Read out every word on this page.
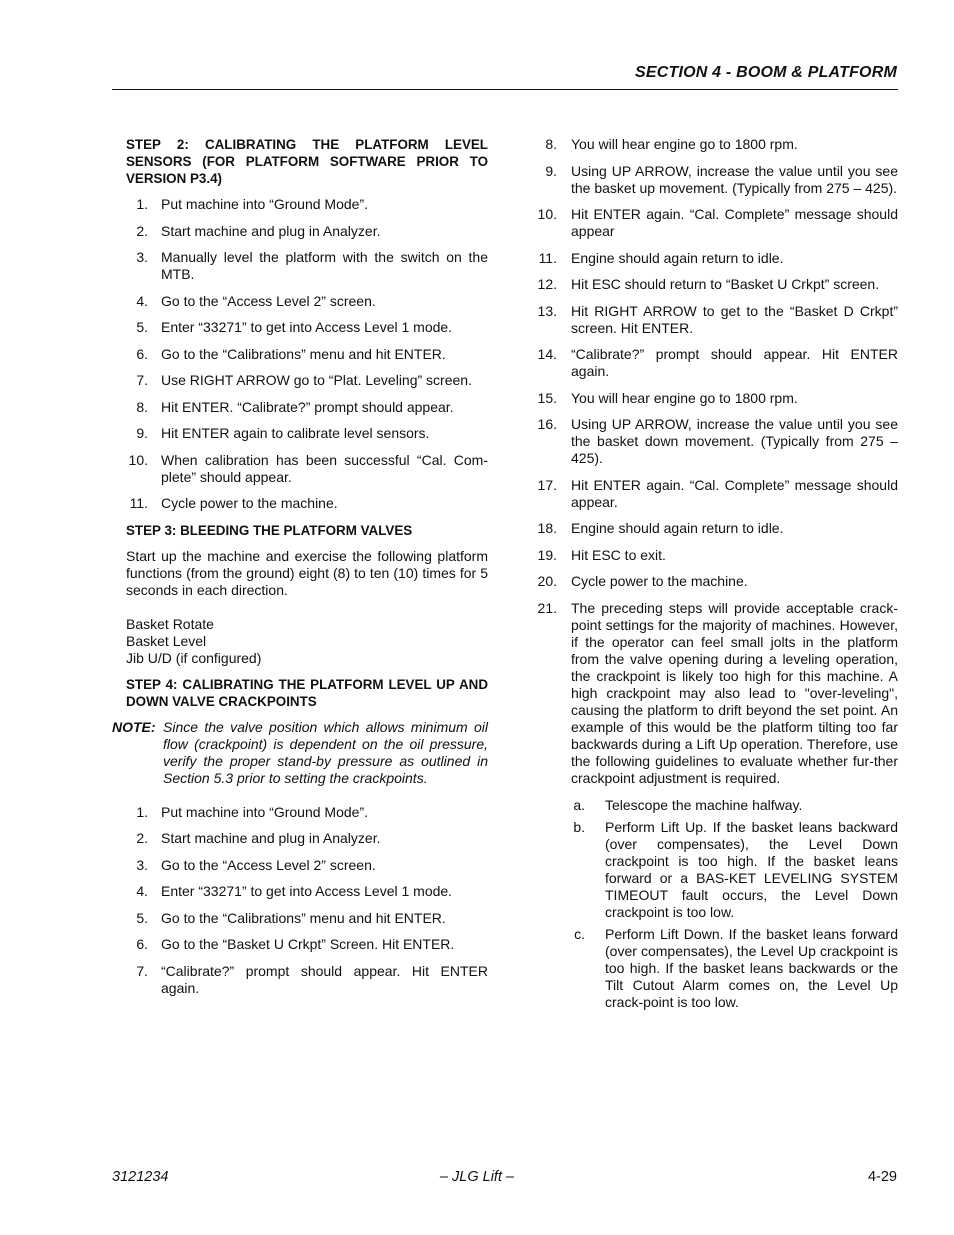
SECTION 4 - BOOM & PLATFORM
STEP 2: CALIBRATING THE PLATFORM LEVEL SENSORS (FOR PLATFORM SOFTWARE PRIOR TO VERSION P3.4)
1. Put machine into “Ground Mode”.
2. Start machine and plug in Analyzer.
3. Manually level the platform with the switch on the MTB.
4. Go to the “Access Level 2” screen.
5. Enter “33271” to get into Access Level 1 mode.
6. Go to the “Calibrations” menu and hit ENTER.
7. Use RIGHT ARROW go to “Plat. Leveling” screen.
8. Hit ENTER. “Calibrate?” prompt should appear.
9. Hit ENTER again to calibrate level sensors.
10. When calibration has been successful “Cal. Com-plete” should appear.
11. Cycle power to the machine.
STEP 3: BLEEDING THE PLATFORM VALVES

Start up the machine and exercise the following platform functions (from the ground) eight (8) to ten (10) times for 5 seconds in each direction.

Basket Rotate
Basket Level
Jib U/D (if configured)
STEP 4: CALIBRATING THE PLATFORM LEVEL UP AND DOWN VALVE CRACKPOINTS
NOTE: Since the valve position which allows minimum oil flow (crackpoint) is dependent on the oil pressure, verify the proper stand-by pressure as outlined in Section 5.3 prior to setting the crackpoints.
1. Put machine into “Ground Mode”.
2. Start machine and plug in Analyzer.
3. Go to the “Access Level 2” screen.
4. Enter “33271” to get into Access Level 1 mode.
5. Go to the “Calibrations” menu and hit ENTER.
6. Go to the “Basket U Crkpt” Screen. Hit ENTER.
7. “Calibrate?” prompt should appear. Hit ENTER again.
8. You will hear engine go to 1800 rpm.
9. Using UP ARROW, increase the value until you see the basket up movement. (Typically from 275 – 425).
10. Hit ENTER again. “Cal. Complete” message should appear
11. Engine should again return to idle.
12. Hit ESC should return to “Basket U Crkpt” screen.
13. Hit RIGHT ARROW to get to the “Basket D Crkpt” screen. Hit ENTER.
14. “Calibrate?” prompt should appear. Hit ENTER again.
15. You will hear engine go to 1800 rpm.
16. Using UP ARROW, increase the value until you see the basket down movement. (Typically from 275 – 425).
17. Hit ENTER again. “Cal. Complete” message should appear.
18. Engine should again return to idle.
19. Hit ESC to exit.
20. Cycle power to the machine.
21. The preceding steps will provide acceptable crack-point settings for the majority of machines. However, if the operator can feel small jolts in the platform from the valve opening during a leveling operation, the crackpoint is likely too high for this machine. A high crackpoint may also lead to "over-leveling", causing the platform to drift beyond the set point. An example of this would be the platform tilting too far backwards during a Lift Up operation. Therefore, use the following guidelines to evaluate whether fur-ther crackpoint adjustment is required.
a. Telescope the machine halfway.
b. Perform Lift Up. If the basket leans backward (over compensates), the Level Down crackpoint is too high. If the basket leans forward or a BAS-KET LEVELING SYSTEM TIMEOUT fault occurs, the Level Down crackpoint is too low.
c. Perform Lift Down. If the basket leans forward (over compensates), the Level Up crackpoint is too high. If the basket leans backwards or the Tilt Cutout Alarm comes on, the Level Up crack-point is too low.
– JLG Lift –
3121234	4-29
